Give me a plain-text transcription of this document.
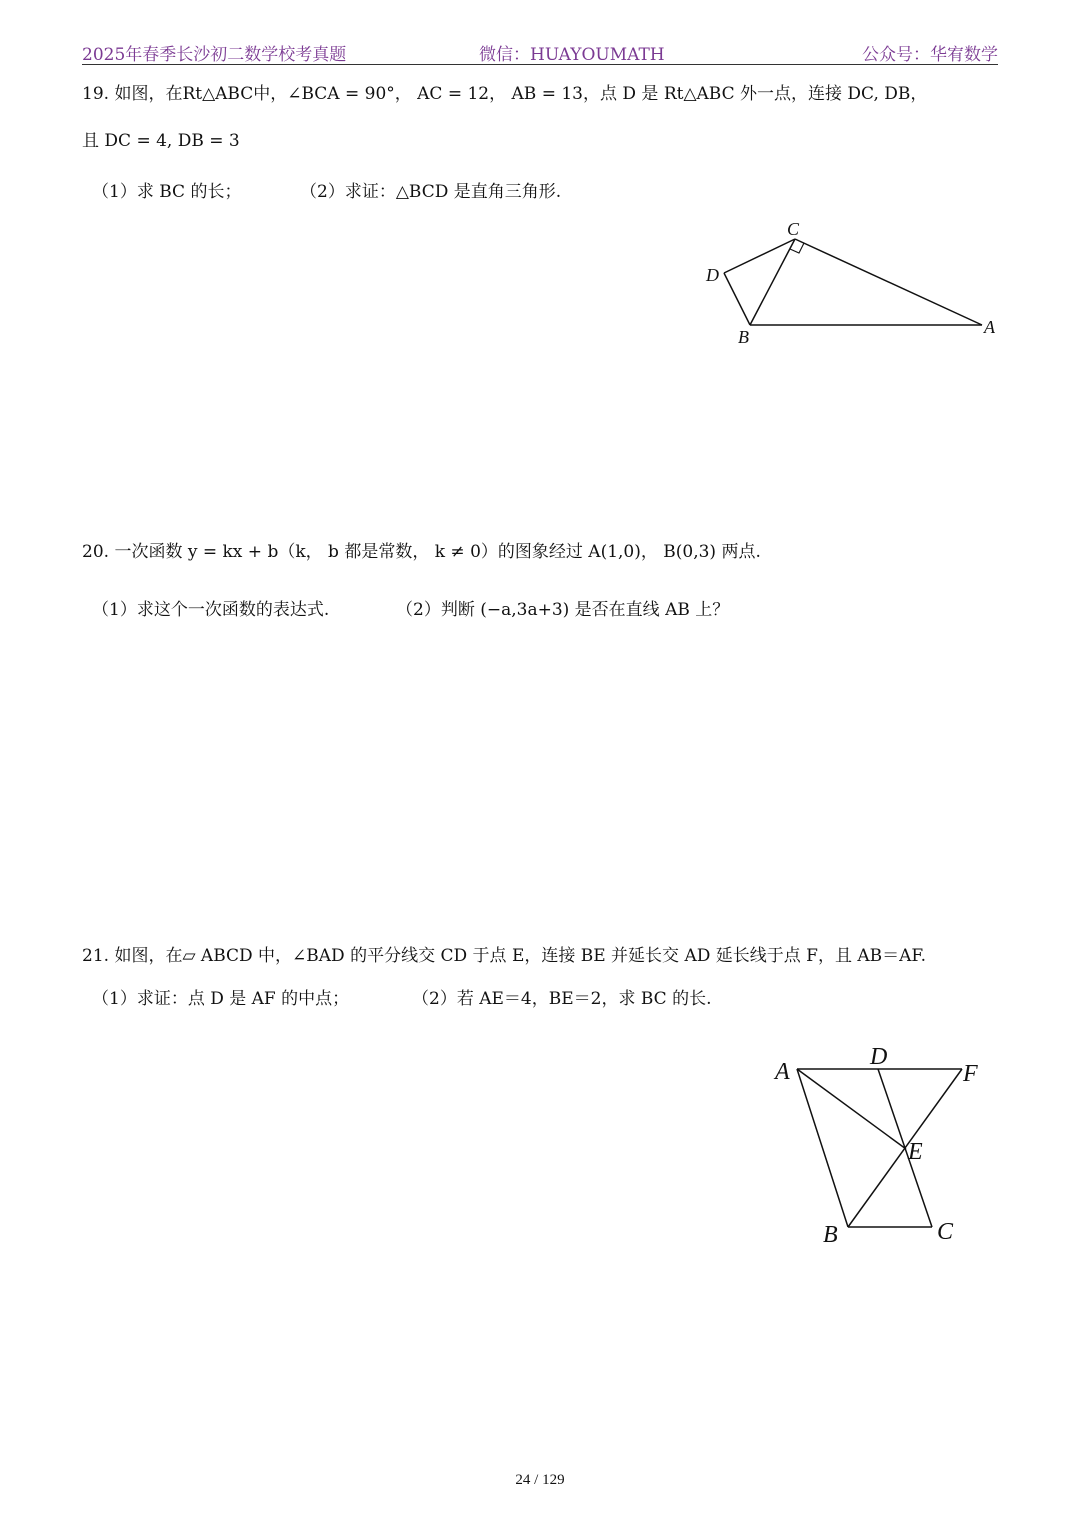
2025年春季长沙初二数学校考真题	微信：HUAYOUMATH	公众号：华宥数学
19. 如图，在Rt△ABC中，∠BCA = 90°， AC = 12， AB = 13，点 D 是 Rt△ABC 外一点，连接 DC, DB，
且 DC = 4, DB = 3
（1）求 BC 的长；	（2）求证：△BCD 是直角三角形.
C
D
B	A
20. 一次函数 y = kx + b（k， b 都是常数， k ≠ 0）的图象经过 A(1,0)， B(0,3) 两点.
（1）求这个一次函数的表达式.	（2）判断 (−a,3a+3) 是否在直线 AB 上？
21. 如图，在▱ ABCD 中，∠BAD 的平分线交 CD 于点 E，连接 BE 并延长交 AD 延长线于点 F，且 AB＝AF.
（1）求证：点 D 是 AF 的中点；	（2）若 AE＝4，BE＝2，求 BC 的长.
A
D
F
E
B	C
24 / 129
